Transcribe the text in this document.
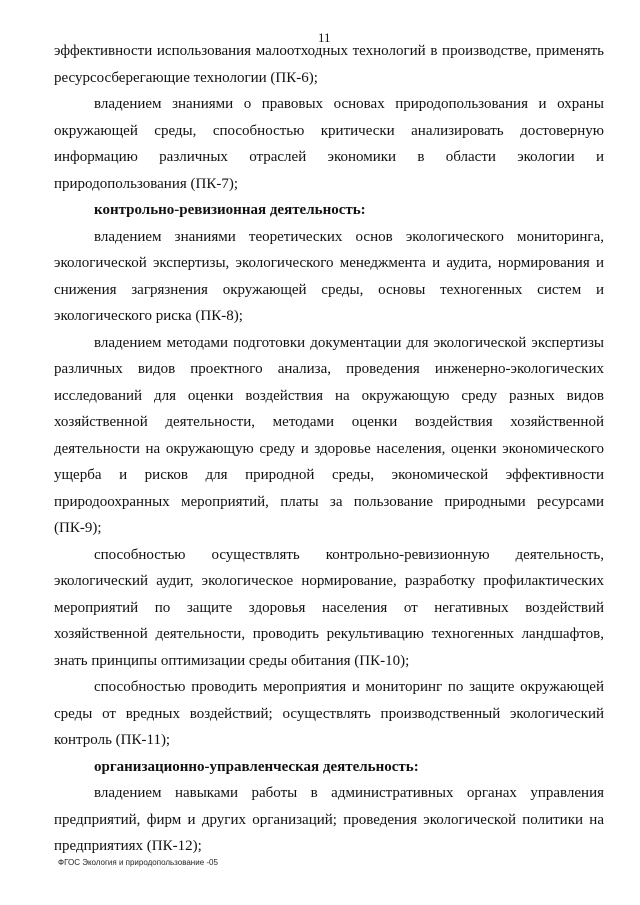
11

эффективности использования малоотходных технологий в производстве, применять ресурсосберегающие технологии (ПК-6);

владением знаниями о правовых основах природопользования и охраны окружающей среды, способностью критически анализировать достоверную информацию различных отраслей экономики в области экологии и природопользования (ПК-7);

контрольно-ревизионная деятельность:

владением знаниями теоретических основ экологического мониторинга, экологической экспертизы, экологического менеджмента и аудита, нормирования и снижения загрязнения окружающей среды, основы техногенных систем и экологического риска (ПК-8);

владением методами подготовки документации для экологической экспертизы различных видов проектного анализа, проведения инженерно-экологических исследований для оценки воздействия на окружающую среду разных видов хозяйственной деятельности, методами оценки воздействия хозяйственной деятельности на окружающую среду и здоровье населения, оценки экономического ущерба и рисков для природной среды, экономической эффективности природоохранных мероприятий, платы за пользование природными ресурсами (ПК-9);

способностью осуществлять контрольно-ревизионную деятельность, экологический аудит, экологическое нормирование, разработку профилактических мероприятий по защите здоровья населения от негативных воздействий хозяйственной деятельности, проводить рекультивацию техногенных ландшафтов, знать принципы оптимизации среды обитания (ПК-10);

способностью проводить мероприятия и мониторинг по защите окружающей среды от вредных воздействий; осуществлять производственный экологический контроль (ПК-11);

организационно-управленческая деятельность:

владением навыками работы в административных органах управления предприятий, фирм и других организаций; проведения экологической политики на предприятиях (ПК-12);

ФГОС Экология и природопользование -05
